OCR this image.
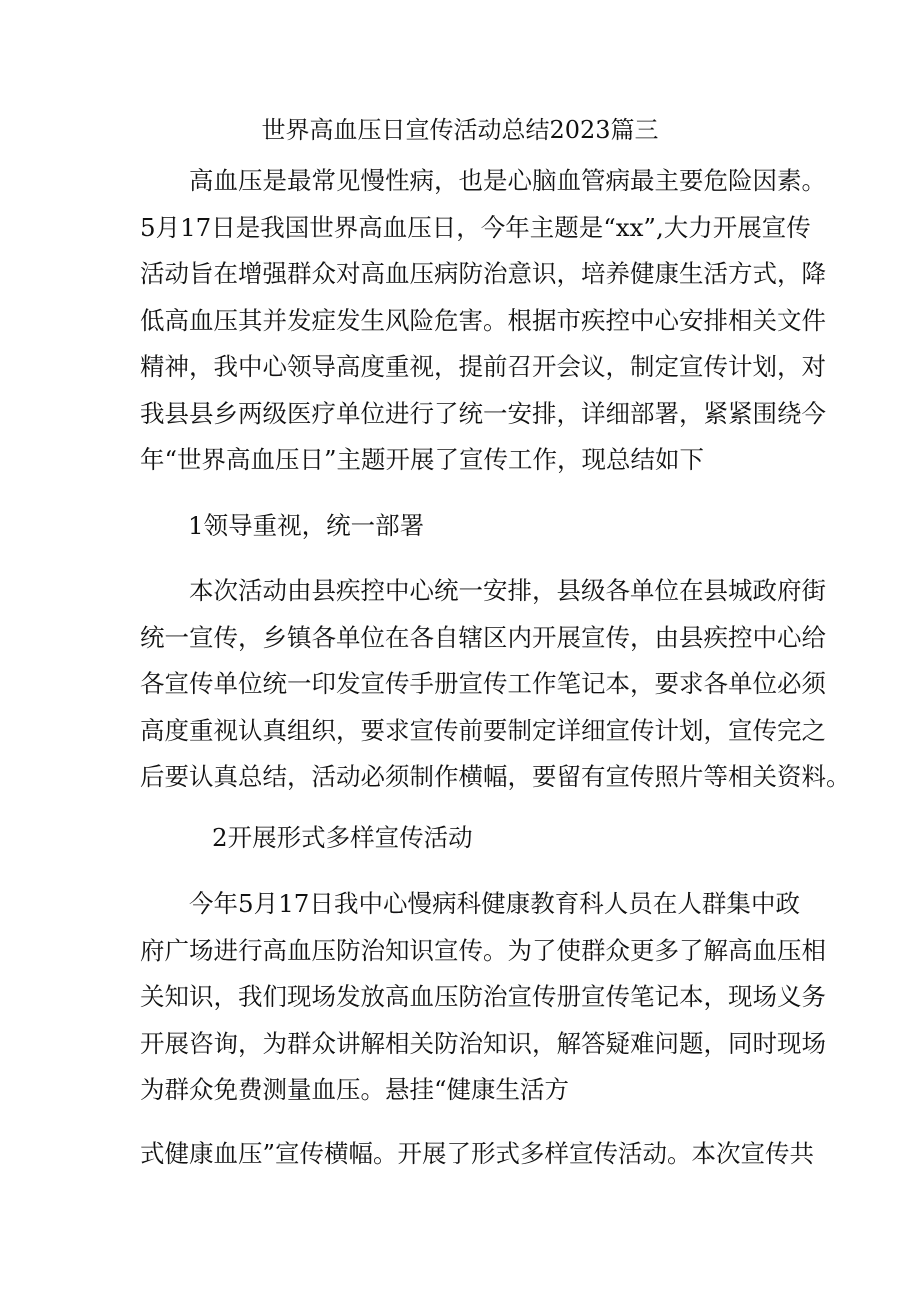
世界高血压日宣传活动总结2023篇三
高血压是最常见慢性病，也是心脑血管病最主要危险因素。
5月17日是我国世界高血压日，今年主题是“xx”,大力开展宣传
活动旨在增强群众对高血压病防治意识，培养健康生活方式，降
低高血压其并发症发生风险危害。根据市疾控中心安排相关文件
精神，我中心领导高度重视，提前召开会议，制定宣传计划，对
我县县乡两级医疗单位进行了统一安排，详细部署，紧紧围绕今
年“世界高血压日”主题开展了宣传工作，现总结如下
1领导重视，统一部署
本次活动由县疾控中心统一安排，县级各单位在县城政府街
统一宣传，乡镇各单位在各自辖区内开展宣传，由县疾控中心给
各宣传单位统一印发宣传手册宣传工作笔记本，要求各单位必须
高度重视认真组织，要求宣传前要制定详细宣传计划，宣传完之
后要认真总结，活动必须制作横幅，要留有宣传照片等相关资料。
2开展形式多样宣传活动
今年5月17日我中心慢病科健康教育科人员在人群集中政
府广场进行高血压防治知识宣传。为了使群众更多了解高血压相
关知识，我们现场发放高血压防治宣传册宣传笔记本，现场义务
开展咨询，为群众讲解相关防治知识，解答疑难问题，同时现场
为群众免费测量血压。悬挂“健康生活方
式健康血压”宣传横幅。开展了形式多样宣传活动。本次宣传共
